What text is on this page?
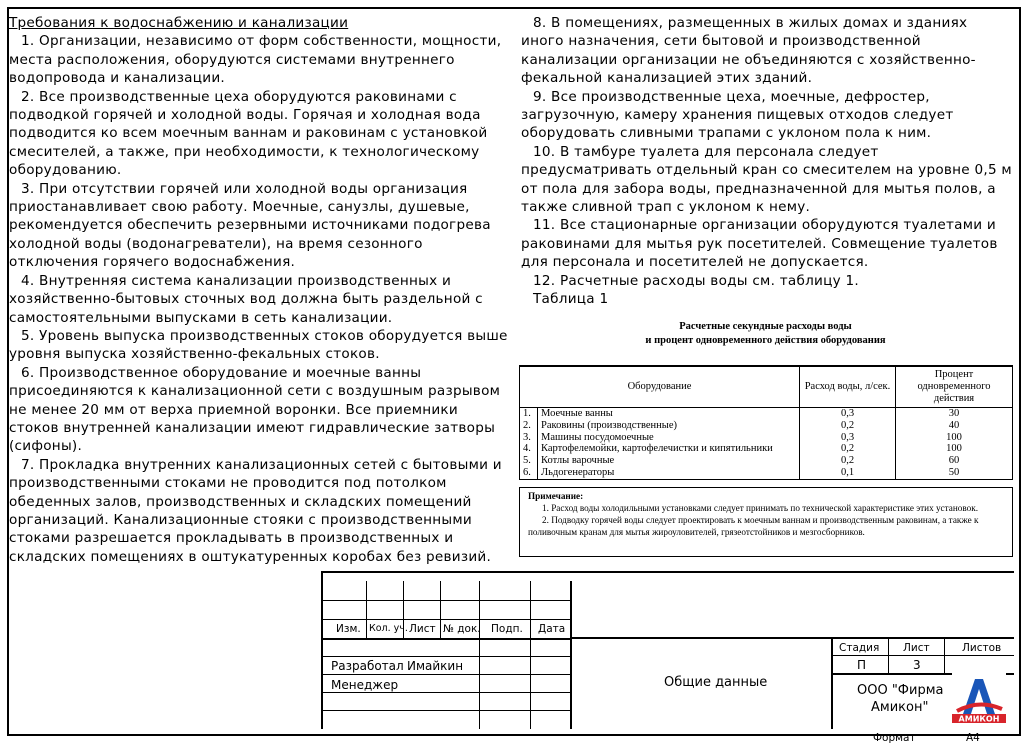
Требования к водоснабжению и канализации
1. Организации, независимо от форм собственности, мощности, места расположения, оборудуются системами внутреннего водопровода и канализации.
2. Все производственные цеха оборудуются раковинами с подводкой горячей и холодной воды. Горячая и холодная вода подводится ко всем моечным ваннам и раковинам с установкой смесителей, а также, при необходимости, к технологическому оборудованию.
3. При отсутствии горячей или холодной воды организация приостанавливает свою работу. Моечные, санузлы, душевые, рекомендуется обеспечить резервными источниками подогрева холодной воды (водонагреватели), на время сезонного отключения горячего водоснабжения.
4. Внутренняя система канализации производственных и хозяйственно-бытовых сточных вод должна быть раздельной с самостоятельными выпусками в сеть канализации.
5. Уровень выпуска производственных стоков оборудуется выше уровня выпуска хозяйственно-фекальных стоков.
6. Производственное оборудование и моечные ванны присоединяются к канализационной сети с воздушным разрывом не менее 20 мм от верха приемной воронки. Все приемники стоков внутренней канализации имеют гидравлические затворы (сифоны).
7. Прокладка внутренних канализационных сетей с бытовыми и производственными стоками не проводится под потолком обеденных залов, производственных и складских помещений организаций. Канализационные стояки с производственными стоками разрешается прокладывать в производственных и складских помещениях в оштукатуренных коробах без ревизий.
8. В помещениях, размещенных в жилых домах и зданиях иного назначения, сети бытовой и производственной канализации организации не объединяются с хозяйственно-фекальной канализацией этих зданий.
9. Все производственные цеха, моечные, дефростер, загрузочную, камеру хранения пищевых отходов следует оборудовать сливными трапами с уклоном пола к ним.
10. В тамбуре туалета для персонала следует предусматривать отдельный кран со смесителем на уровне 0,5 м от пола для забора воды, предназначенной для мытья полов, а также сливной трап с уклоном к нему.
11. Все стационарные организации оборудуются туалетами и раковинами для мытья рук посетителей. Совмещение туалетов для персонала и посетителей не допускается.
12. Расчетные расходы воды см. таблицу 1.
Таблица 1
Расчетные секундные расходы воды
и процент одновременного действия оборудования
Оборудование		Расход воды, л/сек.	Процент одновременного действия
1.	Моечные ванны	0,3	30
2.	Раковины (производственные)	0,2	40
3.	Машины посудомоечные	0,3	100
4.	Картофелемойки, картофелечистки и кипятильники	0,2	100
5.	Котлы варочные	0,2	60
6.	Льдогенераторы	0,1	50
Примечание:
1. Расход воды холодильными установками следует принимать по технической характеристике этих установок.
2. Подводку горячей воды следует проектировать к моечным ваннам и производственным раковинам, а также к поливочным кранам для мытья жироуловителей, грязеотстойников и мезгосборников.
Изм. Кол. уч. Лист № док. Подп. Дата
Разработал Имайкин
Менеджер	Общие данные
Стадия Лист	Листов
П	3
ООО "Фирма
Амикон"
Формат	А4
АМИКОН
